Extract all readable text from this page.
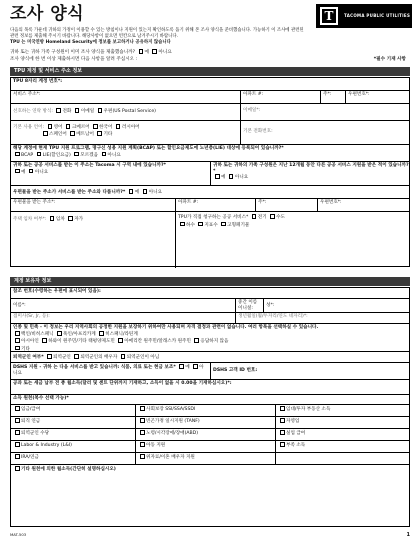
조사 양식	T	TACOMA PUBLIC UTILITIES
다음의 목록 가운데 귀하의 가정이 이용할 수 있는 방침이나 지원이 있는지 확인하도록 돕기 위해 본 조사 양식을 준비했습니다. 가능하기 이 조사에 관련된
관련 정보를 제출해 주시기 바랍니다. 해당사항이 없으면 빈칸으로 남겨주시기 바랍니다.
TPU 는 미국연방 Homeland Security에 정보를 보고하거나 공유하지 않습니다
귀하 또는 귀하 가족 구성원이 이미 조사 양식을 제출했습니까? 예 아니요
조사 양식에 한 번 이상 제출하시면 다음 사항을 알려 주십시오 :	*필수 기재 사항
TPU 계정 및 서비스 주소 정보
TPU 8자리 계정 번호*:
서비스 주소*:	아파트 #:	주*:	우편번호*:
선호하는 연락 방식: 전화 이메일 우편(US Postal Service)	이메일*:
기본 사용 언어: 영어 크메르어 한국어 러시아어
스페인어 베트남어 기타
기본 전화번호:
해당 계정에 현재 TPU 지원 프로그램, 명구신 성용 지원 계획(BCAP) 또는 할인요금제도에 노년층(LIE) 대상에 등록되어 있습니까?*
BCAP LIE(할인요금) 모르겠음 아니요
귀하 또는 공공 서비스를 받는 이 주소는 Tacoma 시 구역 내에 있습니까?*
예 아니요
귀하 또는 귀하의 가족 구성원은 지난 12개월 동안 다른 공공 서비스 지원을 받은 적이 있습니까?*
예 아니요
우편물을 받는 주소가 서비스를 받는 주소와 다릅니까?* 예 아니요
우편물을 받는 주소*:	아파트 #:	주*:	우편번호*:
주택 임차 여부*: 임차 자가	TPU가 직접 청구하는 공공 서비스* 전기 수도
하수 지표수 고형폐기물
계정 보유자 정보
참조 번호(수령하는 우편에 표시되어 있음):
이름*:
중간 이름 이니셜:	성*:
접미사(Sr, Jr, 등):	생년월일(월/두자리/연도 네자리)*:
인종 및 민족 - 이 정보는 우리 지역사회의 공정한 지원을 보장하기 위하여만 사용되며 자격 결정과 관련이 없습니다. 여러 항목을 선택하실 수 있습니다.
백인/비히스패닉 흑인/아프리카계 히스패닉/라틴계
아시아인 하와이 원주민/기타 태평양제도민 아메리칸 원주민/알래스카 원주민 응답하지 않음
기타
퇴역군인 여부* 퇴역군인 퇴역군인의 배우자 퇴역군인이 아님
DSHS 지원 - 귀하 는 다음 서비스를 받고 있습니까: 식품, 의료 또는 현금 보조* 예 아니요	DSHS 고객 ID 번호:
공과 또는 세금 납부 전 총 월소득(달러 및 센트 단위까지 기재하고, 소득이 없을 시 0.00을 기재하십시오)*:
소득 원천(복수 선택 가능)*
임금/급여	사회보장 SSI/SSA/SSDI	임대/투자 부동산 소득
퇴직 연금	빈곤가정 일시지원 (TANF)	자영업
퇴역군인 수당	노령/시각장애/장애(ABD)	실업 급여
Labor & Industry (L&I)	아동 지원	부족 소득
IRA/연금	위자료/이혼 배우자 지원
기타 원천에 의한 월소득(간단히 설명하십시오)
MAT-503	1
